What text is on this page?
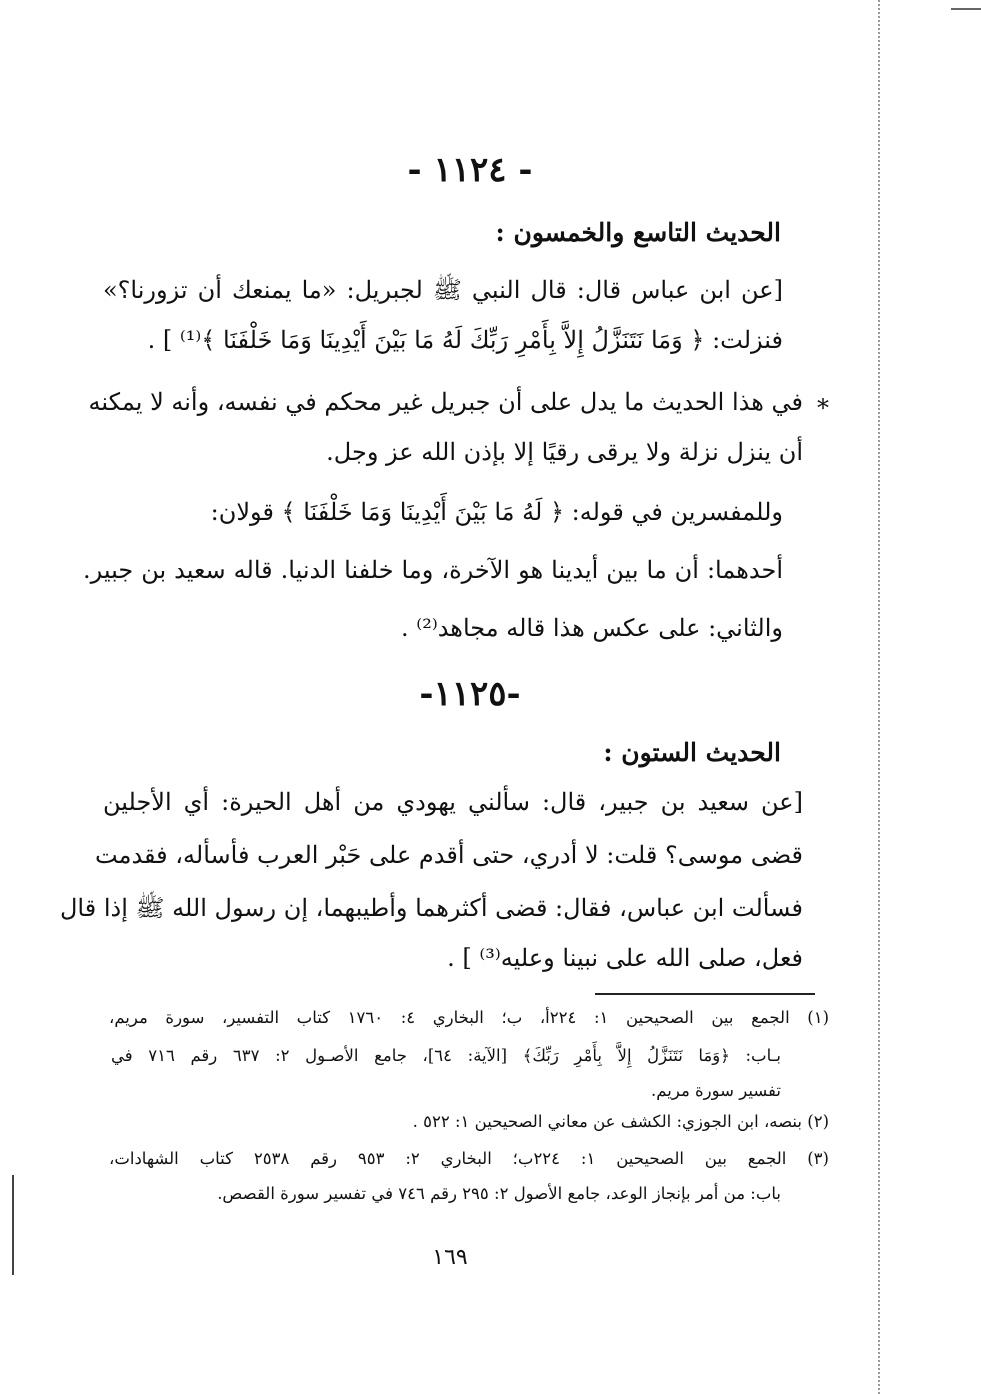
- ١١٢٤ -
الحديث التاسع والخمسون :
[عن ابن عباس قال: قال النبي ﷺ لجبريل: «ما يمنعك أن تزورنا؟»
فنزلت: ﴿ وَمَا نَتَنَزَّلُ إِلاَّ بِأَمْرِ رَبِّكَ لَهُ مَا بَيْنَ أَيْدِينَا وَمَا خَلْفَنَا ﴾⁽¹⁾ ] .
*
في هذا الحديث ما يدل على أن جبريل غير محكم في نفسه، وأنه لا يمكنه
أن ينزل نزلة ولا يرقى رقيًا إلا بإذن الله عز وجل.
وللمفسرين في قوله: ﴿ لَهُ مَا بَيْنَ أَيْدِينَا وَمَا خَلْفَنَا ﴾ قولان:
أحدهما: أن ما بين أيدينا هو الآخرة، وما خلفنا الدنيا. قاله سعيد بن جبير.
والثاني: على عكس هذا قاله مجاهد⁽²⁾ .
-١١٢٥-
الحديث الستون :
[عن سعيد بن جبير، قال: سألني يهودي من أهل الحيرة: أي الأجلين
قضى موسى؟ قلت: لا أدري، حتى أقدم على حَبْر العرب فأسأله، فقدمت
فسألت ابن عباس، فقال: قضى أكثرهما وأطيبهما، إن رسول الله ﷺ إذا قال
فعل، صلى الله على نبينا وعليه⁽³⁾ ] .
(١) الجمع بين الصحيحين ١: ٢٢٤أ، ب؛ البخاري ٤: ١٧٦٠ كتاب التفسير، سورة مريم،
بـاب: ﴿وَمَا نَتَنَزَّلُ إِلاَّ بِأَمْرِ رَبِّكَ﴾ [الآية: ٦٤]، جامع الأصـول ٢: ٦٣٧ رقم ٧١٦ في
تفسير سورة مريم.
(٢) بنصه، ابن الجوزي: الكشف عن معاني الصحيحين ١: ٥٢٢ .
(٣) الجمع بين الصحيحين ١: ٢٢٤ب؛ البخاري ٢: ٩٥٣ رقم ٢٥٣٨ كتاب الشهادات،
باب: من أمر بإنجاز الوعد، جامع الأصول ٢: ٢٩٥ رقم ٧٤٦ في تفسير سورة القصص.
١٦٩
